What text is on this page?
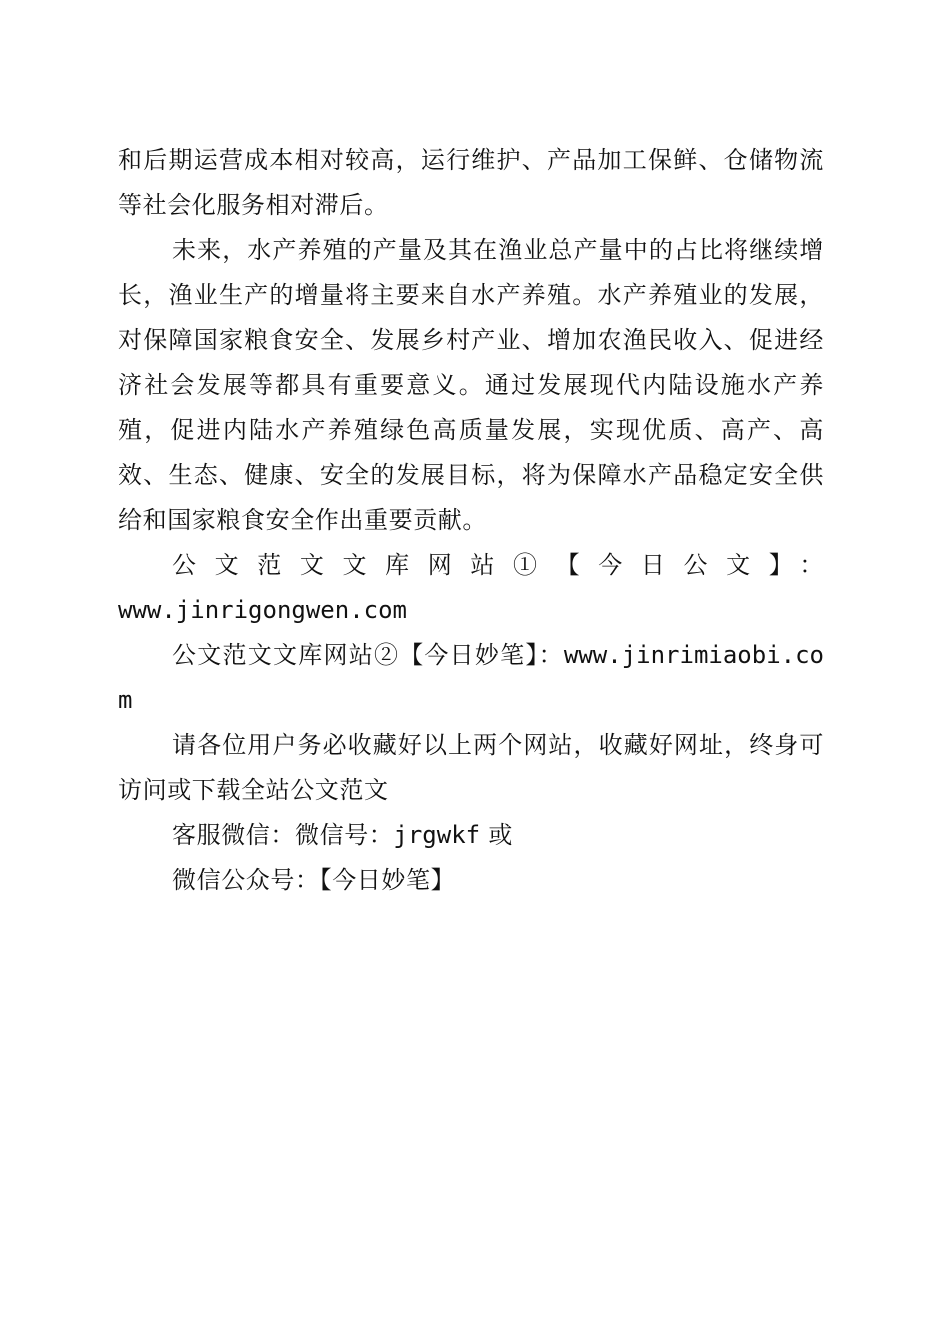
和后期运营成本相对较高，运行维护、产品加工保鲜、仓储物流等社会化服务相对滞后。

未来，水产养殖的产量及其在渔业总产量中的占比将继续增长，渔业生产的增量将主要来自水产养殖。水产养殖业的发展，对保障国家粮食安全、发展乡村产业、增加农渔民收入、促进经济社会发展等都具有重要意义。通过发展现代内陆设施水产养殖，促进内陆水产养殖绿色高质量发展，实现优质、高产、高效、生态、健康、安全的发展目标，将为保障水产品稳定安全供给和国家粮食安全作出重要贡献。

公文范文文库网站①【今日公文】：

www.jinrigongwen.com

公文范文文库网站②【今日妙笔】：www.jinrimiaobi.com

请各位用户务必收藏好以上两个网站，收藏好网址，终身可访问或下载全站公文范文

客服微信：微信号：jrgwkf 或

微信公众号：【今日妙笔】
